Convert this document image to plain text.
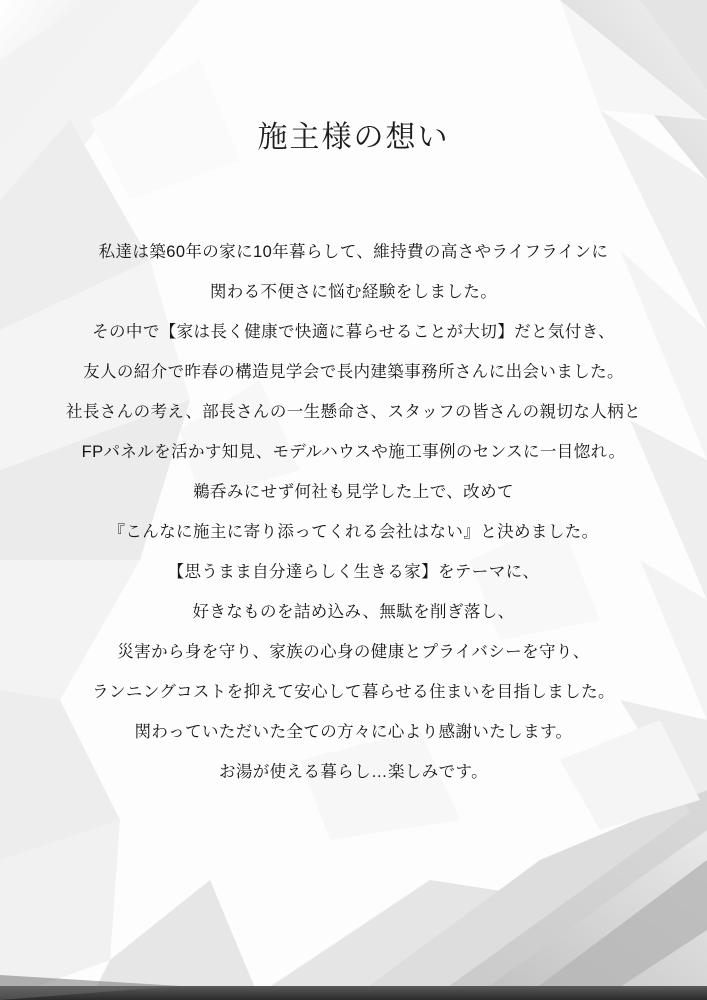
施主様の想い
私達は築60年の家に10年暮らして、維持費の高さやライフラインに
関わる不便さに悩む経験をしました。
その中で【家は長く健康で快適に暮らせることが大切】だと気付き、
友人の紹介で昨春の構造見学会で長内建築事務所さんに出会いました。
社長さんの考え、部長さんの一生懸命さ、スタッフの皆さんの親切な人柄と
FPパネルを活かす知見、モデルハウスや施工事例のセンスに一目惚れ。
鵜呑みにせず何社も見学した上で、改めて
『こんなに施主に寄り添ってくれる会社はない』と決めました。
【思うまま自分達らしく生きる家】をテーマに、
好きなものを詰め込み、無駄を削ぎ落し、
災害から身を守り、家族の心身の健康とプライバシーを守り、
ランニングコストを抑えて安心して暮らせる住まいを目指しました。
関わっていただいた全ての方々に心より感謝いたします。
お湯が使える暮らし…楽しみです。
